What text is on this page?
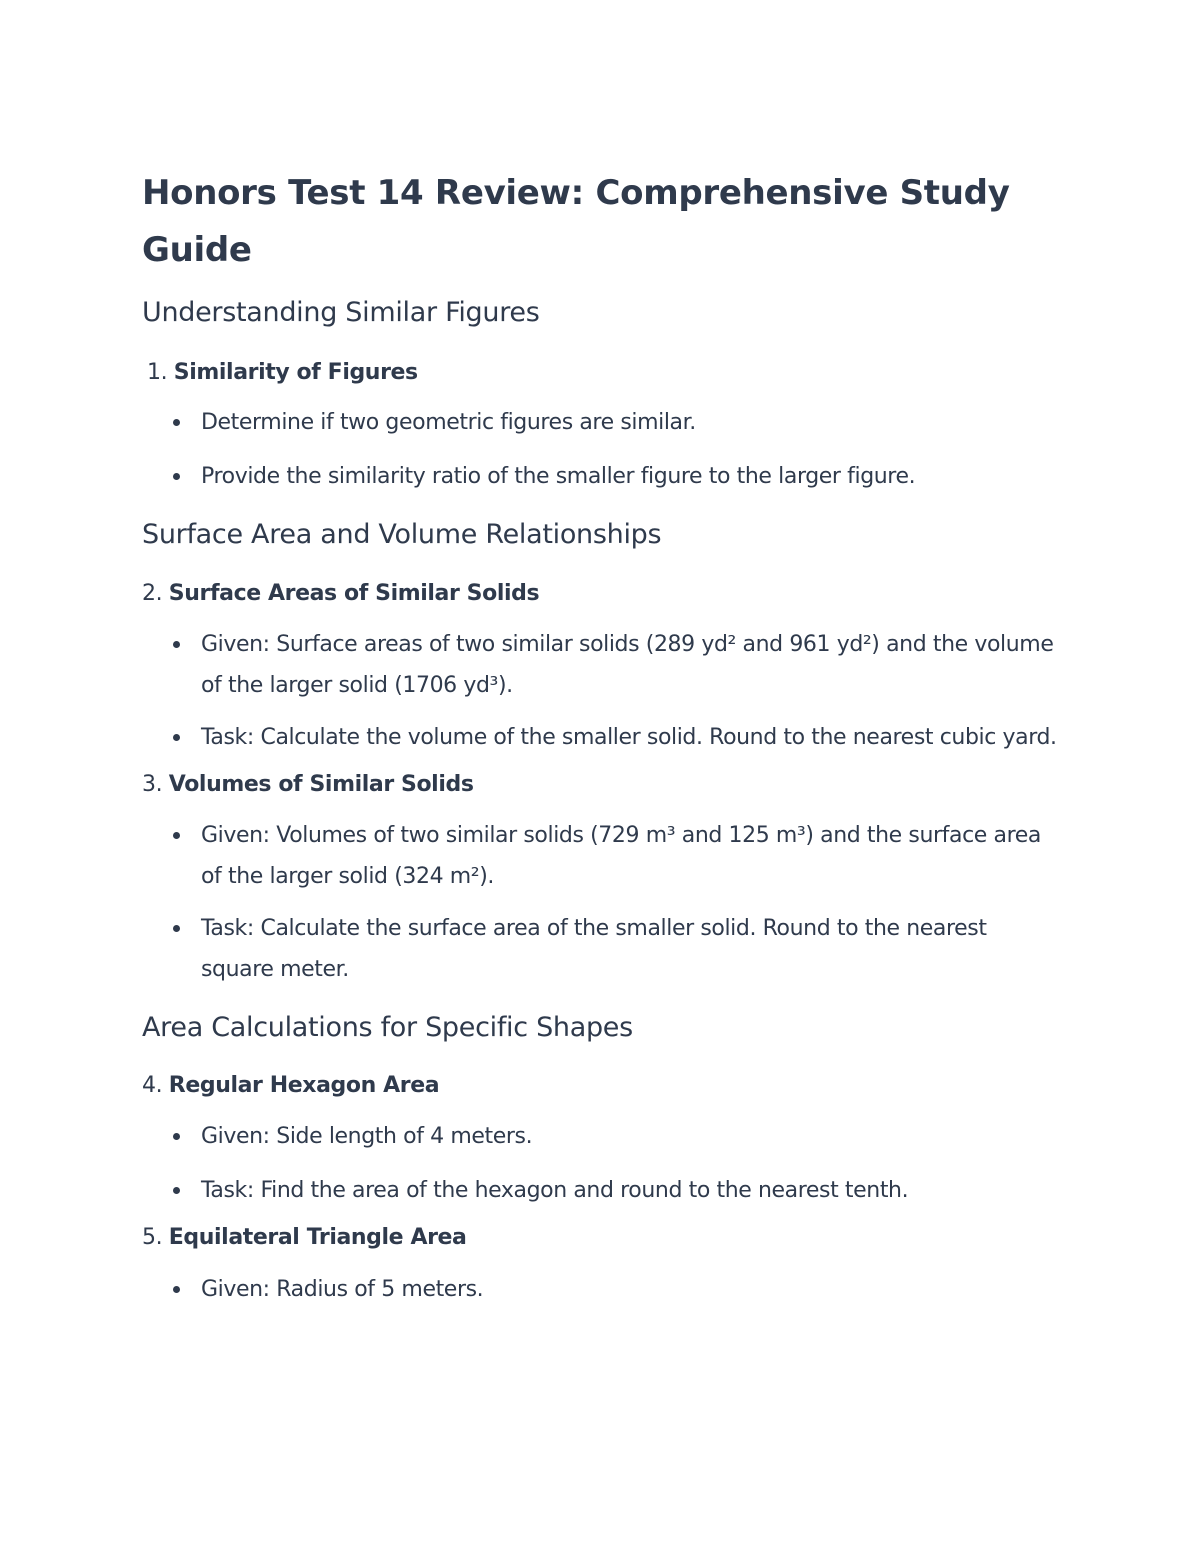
Honors Test 14 Review: Comprehensive Study Guide
Understanding Similar Figures
1. Similarity of Figures
Determine if two geometric figures are similar.
Provide the similarity ratio of the smaller figure to the larger figure.
Surface Area and Volume Relationships
2. Surface Areas of Similar Solids
Given: Surface areas of two similar solids (289 yd² and 961 yd²) and the volume of the larger solid (1706 yd³).
Task: Calculate the volume of the smaller solid. Round to the nearest cubic yard.
3. Volumes of Similar Solids
Given: Volumes of two similar solids (729 m³ and 125 m³) and the surface area of the larger solid (324 m²).
Task: Calculate the surface area of the smaller solid. Round to the nearest square meter.
Area Calculations for Specific Shapes
4. Regular Hexagon Area
Given: Side length of 4 meters.
Task: Find the area of the hexagon and round to the nearest tenth.
5. Equilateral Triangle Area
Given: Radius of 5 meters.
